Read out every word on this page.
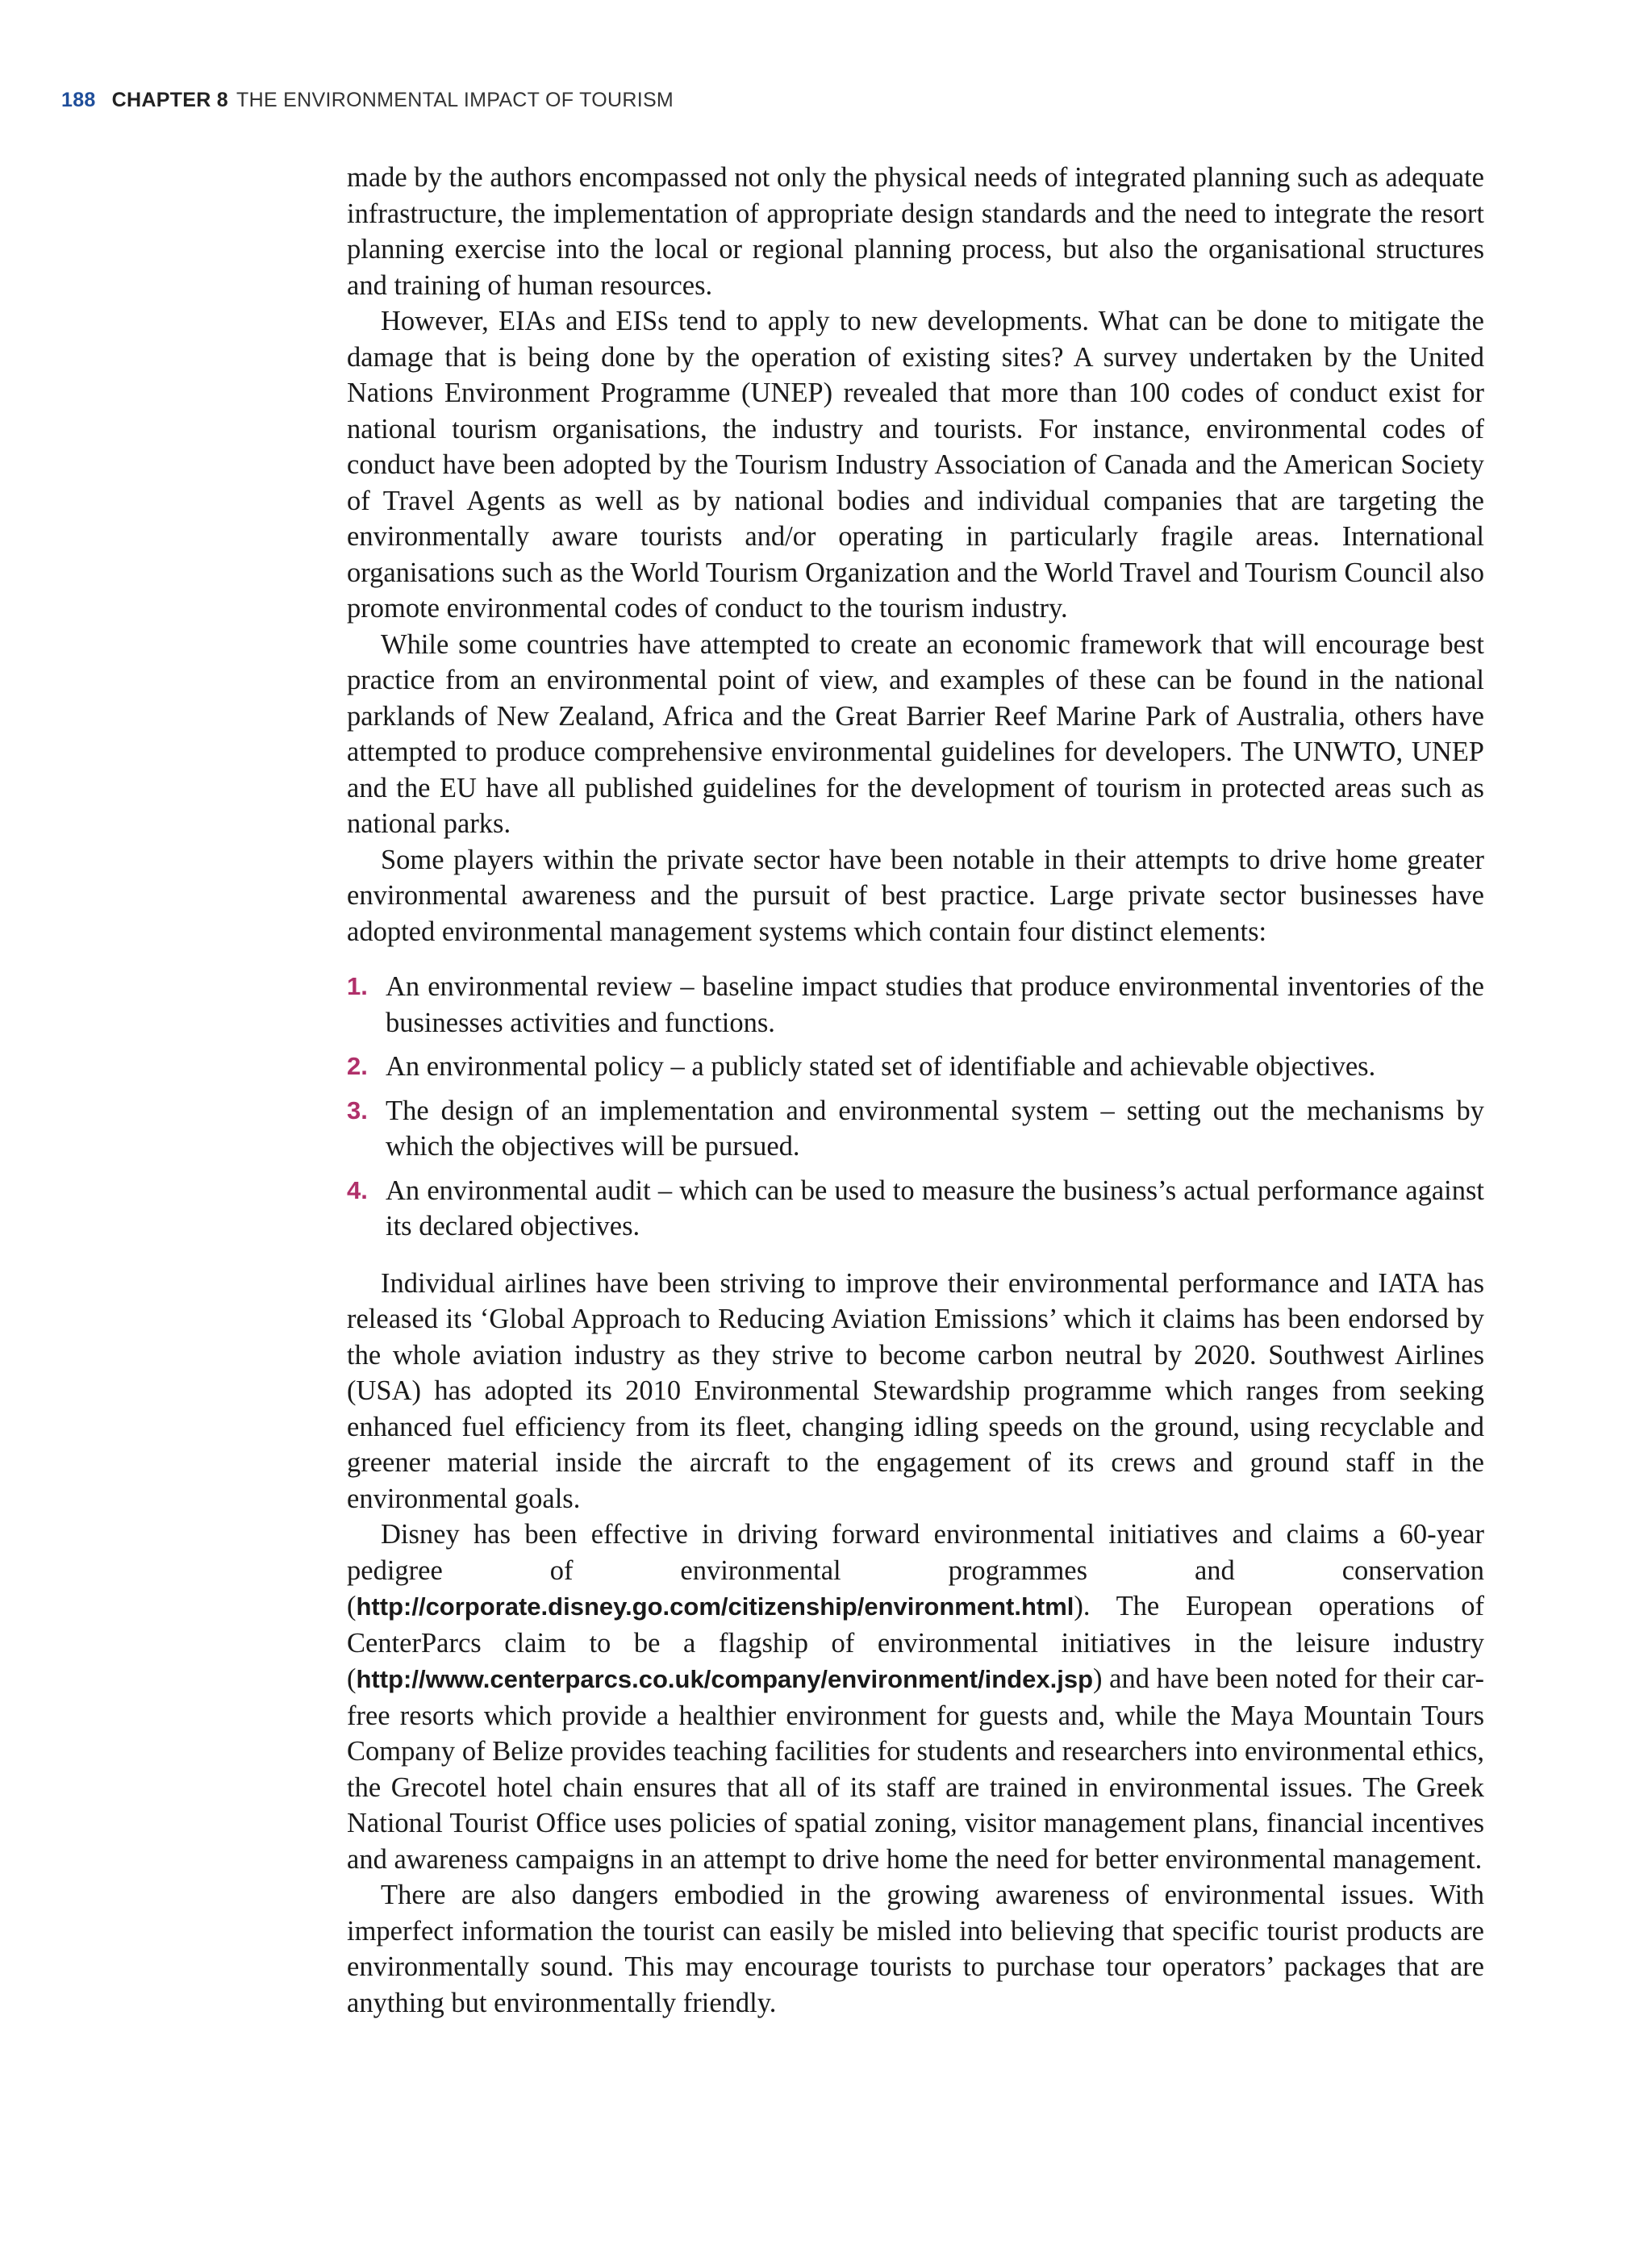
188 CHAPTER 8 THE ENVIRONMENTAL IMPACT OF TOURISM

made by the authors encompassed not only the physical needs of integrated planning such as adequate infrastructure, the implementation of appropriate design standards and the need to integrate the resort planning exercise into the local or regional planning process, but also the organisational structures and training of human resources.

However, EIAs and EISs tend to apply to new developments. What can be done to mitigate the damage that is being done by the operation of existing sites? A survey undertaken by the United Nations Environment Programme (UNEP) revealed that more than 100 codes of conduct exist for national tourism organisations, the industry and tourists. For instance, environmental codes of conduct have been adopted by the Tourism Industry Association of Canada and the American Society of Travel Agents as well as by national bodies and individual companies that are targeting the environmentally aware tourists and/or operating in particularly fragile areas. International organisations such as the World Tourism Organization and the World Travel and Tourism Council also promote environmental codes of conduct to the tourism industry.

While some countries have attempted to create an economic framework that will encourage best practice from an environmental point of view, and examples of these can be found in the national parklands of New Zealand, Africa and the Great Barrier Reef Marine Park of Australia, others have attempted to produce comprehensive environmental guidelines for developers. The UNWTO, UNEP and the EU have all published guidelines for the development of tourism in protected areas such as national parks.

Some players within the private sector have been notable in their attempts to drive home greater environmental awareness and the pursuit of best practice. Large private sector businesses have adopted environmental management systems which contain four distinct elements:

1. An environmental review – baseline impact studies that produce environmental inventories of the businesses activities and functions.
2. An environmental policy – a publicly stated set of identifiable and achievable objectives.
3. The design of an implementation and environmental system – setting out the mechanisms by which the objectives will be pursued.
4. An environmental audit – which can be used to measure the business’s actual performance against its declared objectives.

Individual airlines have been striving to improve their environmental performance and IATA has released its ‘Global Approach to Reducing Aviation Emissions’ which it claims has been endorsed by the whole aviation industry as they strive to become carbon neutral by 2020. Southwest Airlines (USA) has adopted its 2010 Environmental Stewardship programme which ranges from seeking enhanced fuel efficiency from its fleet, changing idling speeds on the ground, using recyclable and greener material inside the aircraft to the engagement of its crews and ground staff in the environmental goals.

Disney has been effective in driving forward environmental initiatives and claims a 60-year pedigree of environmental programmes and conservation (http://corporate.disney.go.com/citizenship/environment.html). The European operations of CenterParcs claim to be a flagship of environmental initiatives in the leisure industry (http://www.centerparcs.co.uk/company/environment/index.jsp) and have been noted for their car-free resorts which provide a healthier environment for guests and, while the Maya Mountain Tours Company of Belize provides teaching facilities for students and researchers into environmental ethics, the Grecotel hotel chain ensures that all of its staff are trained in environmental issues. The Greek National Tourist Office uses policies of spatial zoning, visitor management plans, financial incentives and awareness campaigns in an attempt to drive home the need for better environmental management.

There are also dangers embodied in the growing awareness of environmental issues. With imperfect information the tourist can easily be misled into believing that specific tourist products are environmentally sound. This may encourage tourists to purchase tour operators’ packages that are anything but environmentally friendly.
